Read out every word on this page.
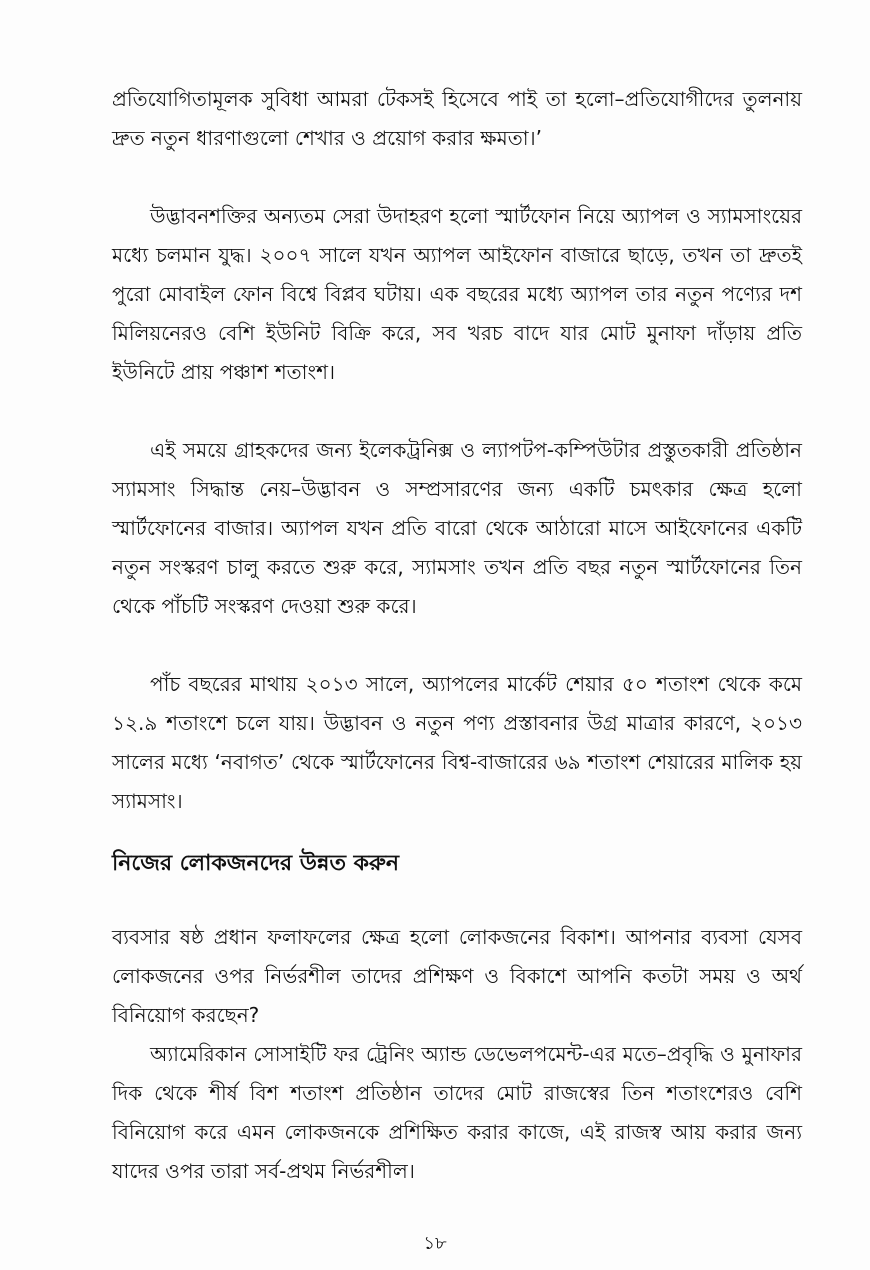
প্রতিযোগিতামূলক সুবিধা আমরা টেকসই হিসেবে পাই তা হলো–প্রতিযোগীদের তুলনায় দ্রুত নতুন ধারণাগুলো শেখার ও প্রয়োগ করার ক্ষমতা।’

উদ্ভাবনশক্তির অন্যতম সেরা উদাহরণ হলো স্মার্টফোন নিয়ে অ্যাপল ও স্যামসাংয়ের মধ্যে চলমান যুদ্ধ। ২০০৭ সালে যখন অ্যাপল আইফোন বাজারে ছাড়ে, তখন তা দ্রুতই পুরো মোবাইল ফোন বিশ্বে বিপ্লব ঘটায়। এক বছরের মধ্যে অ্যাপল তার নতুন পণ্যের দশ মিলিয়নেরও বেশি ইউনিট বিক্রি করে, সব খরচ বাদে যার মোট মুনাফা দাঁড়ায় প্রতি ইউনিটে প্রায় পঞ্চাশ শতাংশ।

এই সময়ে গ্রাহকদের জন্য ইলেকট্রনিক্স ও ল্যাপটপ-কম্পিউটার প্রস্তুতকারী প্রতিষ্ঠান স্যামসাং সিদ্ধান্ত নেয়–উদ্ভাবন ও সম্প্রসারণের জন্য একটি চমৎকার ক্ষেত্র হলো স্মার্টফোনের বাজার। অ্যাপল যখন প্রতি বারো থেকে আঠারো মাসে আইফোনের একটি নতুন সংস্করণ চালু করতে শুরু করে, স্যামসাং তখন প্রতি বছর নতুন স্মার্টফোনের তিন থেকে পাঁচটি সংস্করণ দেওয়া শুরু করে।

পাঁচ বছরের মাথায় ২০১৩ সালে, অ্যাপলের মার্কেট শেয়ার ৫০ শতাংশ থেকে কমে ১২.৯ শতাংশে চলে যায়। উদ্ভাবন ও নতুন পণ্য প্রস্তাবনার উগ্র মাত্রার কারণে, ২০১৩ সালের মধ্যে ‘নবাগত’ থেকে স্মার্টফোনের বিশ্ব-বাজারের ৬৯ শতাংশ শেয়ারের মালিক হয় স্যামসাং।

নিজের লোকজনদের উন্নত করুন

ব্যবসার ষষ্ঠ প্রধান ফলাফলের ক্ষেত্র হলো লোকজনের বিকাশ। আপনার ব্যবসা যেসব লোকজনের ওপর নির্ভরশীল তাদের প্রশিক্ষণ ও বিকাশে আপনি কতটা সময় ও অর্থ বিনিয়োগ করছেন?

অ্যামেরিকান সোসাইটি ফর ট্রেনিং অ্যান্ড ডেভেলপমেন্ট-এর মতে–প্রবৃদ্ধি ও মুনাফার দিক থেকে শীর্ষ বিশ শতাংশ প্রতিষ্ঠান তাদের মোট রাজস্বের তিন শতাংশেরও বেশি বিনিয়োগ করে এমন লোকজনকে প্রশিক্ষিত করার কাজে, এই রাজস্ব আয় করার জন্য যাদের ওপর তারা সর্ব-প্রথম নির্ভরশীল।

১৮
